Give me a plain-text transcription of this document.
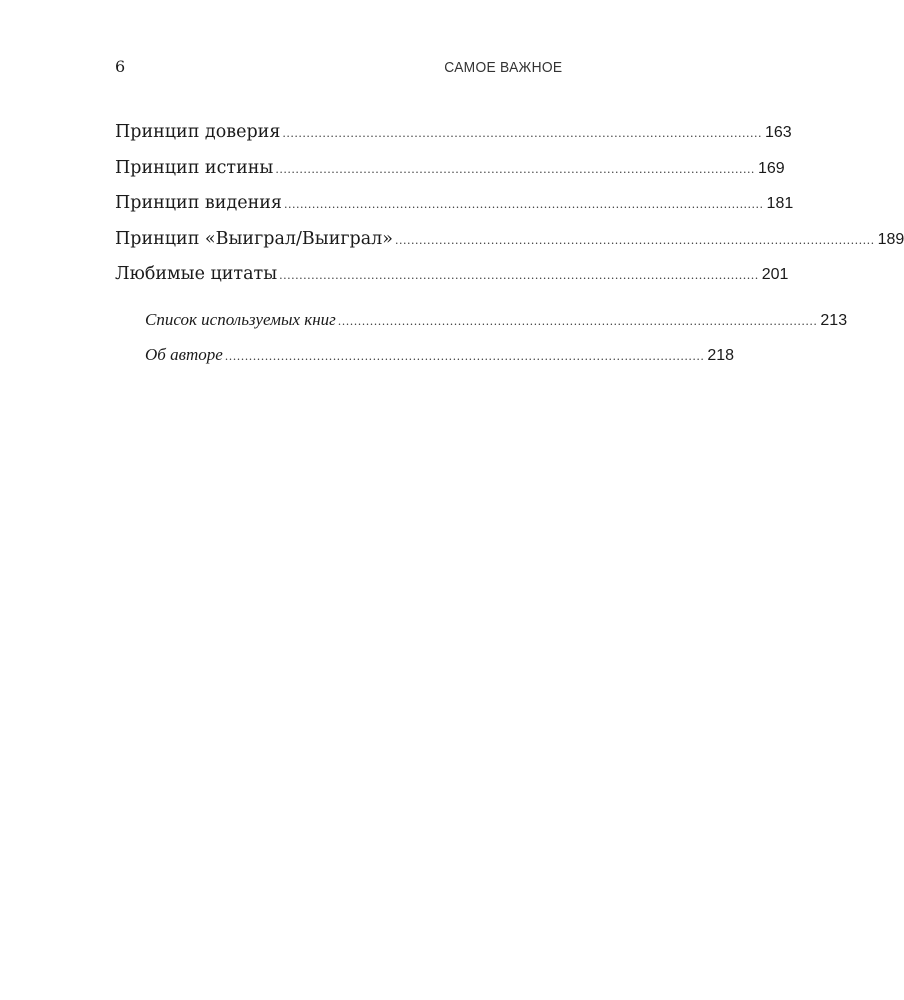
6	САМОЕ ВАЖНОЕ
Принцип доверия ........................................................................................................................ 163
Принцип истины ........................................................................................................................ 169
Принцип видения ........................................................................................................................ 181
Принцип «Выиграл/Выиграл» ........................................................................................................................ 189
Любимые цитаты ........................................................................................................................ 201
Список используемых книг ........................................................................................................................ 213
Об авторе ........................................................................................................................ 218
